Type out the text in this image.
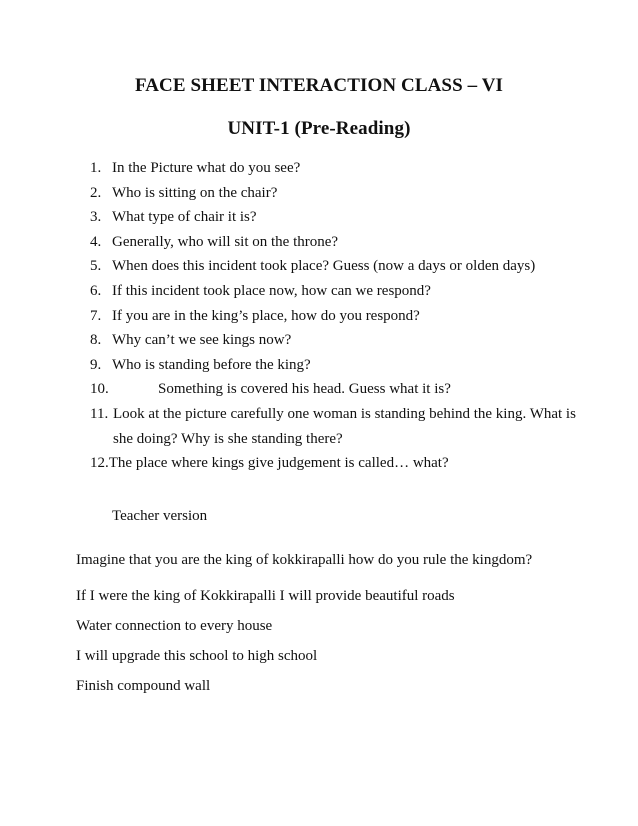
FACE SHEET INTERACTION CLASS – VI
UNIT-1 (Pre-Reading)
1. In the Picture what do you see?
2. Who is sitting on the chair?
3. What type of chair it is?
4. Generally, who will sit on the throne?
5. When does this incident took place? Guess (now a days or olden days)
6. If this incident took place now, how can we respond?
7. If you are in the king’s place, how do you respond?
8. Why can’t we see kings now?
9. Who is standing before the king?
10.	Something is covered his head. Guess what it is?
11. Look at the picture carefully one woman is standing behind the king. What is she doing? Why is she standing there?
12.The place where kings give judgement is called… what?
Teacher version
Imagine that you are the king of kokkirapalli how do you rule the kingdom?
If I were the king of Kokkirapalli I will provide beautiful roads
Water connection to every house
I will upgrade this school to high school
Finish compound wall
